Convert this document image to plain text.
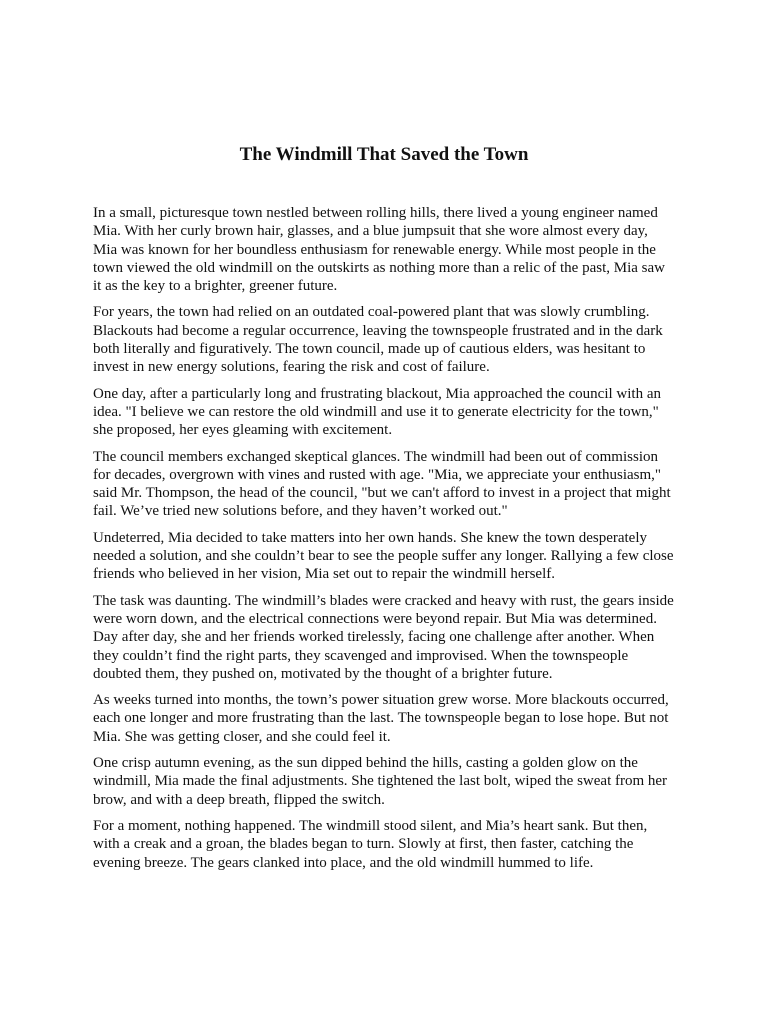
The Windmill That Saved the Town

In a small, picturesque town nestled between rolling hills, there lived a young engineer named Mia. With her curly brown hair, glasses, and a blue jumpsuit that she wore almost every day, Mia was known for her boundless enthusiasm for renewable energy. While most people in the town viewed the old windmill on the outskirts as nothing more than a relic of the past, Mia saw it as the key to a brighter, greener future.

For years, the town had relied on an outdated coal-powered plant that was slowly crumbling. Blackouts had become a regular occurrence, leaving the townspeople frustrated and in the dark both literally and figuratively. The town council, made up of cautious elders, was hesitant to invest in new energy solutions, fearing the risk and cost of failure.

One day, after a particularly long and frustrating blackout, Mia approached the council with an idea. "I believe we can restore the old windmill and use it to generate electricity for the town," she proposed, her eyes gleaming with excitement.

The council members exchanged skeptical glances. The windmill had been out of commission for decades, overgrown with vines and rusted with age. "Mia, we appreciate your enthusiasm," said Mr. Thompson, the head of the council, "but we can't afford to invest in a project that might fail. We’ve tried new solutions before, and they haven’t worked out."

Undeterred, Mia decided to take matters into her own hands. She knew the town desperately needed a solution, and she couldn’t bear to see the people suffer any longer. Rallying a few close friends who believed in her vision, Mia set out to repair the windmill herself.

The task was daunting. The windmill’s blades were cracked and heavy with rust, the gears inside were worn down, and the electrical connections were beyond repair. But Mia was determined. Day after day, she and her friends worked tirelessly, facing one challenge after another. When they couldn’t find the right parts, they scavenged and improvised. When the townspeople doubted them, they pushed on, motivated by the thought of a brighter future.

As weeks turned into months, the town’s power situation grew worse. More blackouts occurred, each one longer and more frustrating than the last. The townspeople began to lose hope. But not Mia. She was getting closer, and she could feel it.

One crisp autumn evening, as the sun dipped behind the hills, casting a golden glow on the windmill, Mia made the final adjustments. She tightened the last bolt, wiped the sweat from her brow, and with a deep breath, flipped the switch.

For a moment, nothing happened. The windmill stood silent, and Mia’s heart sank. But then, with a creak and a groan, the blades began to turn. Slowly at first, then faster, catching the evening breeze. The gears clanked into place, and the old windmill hummed to life.
